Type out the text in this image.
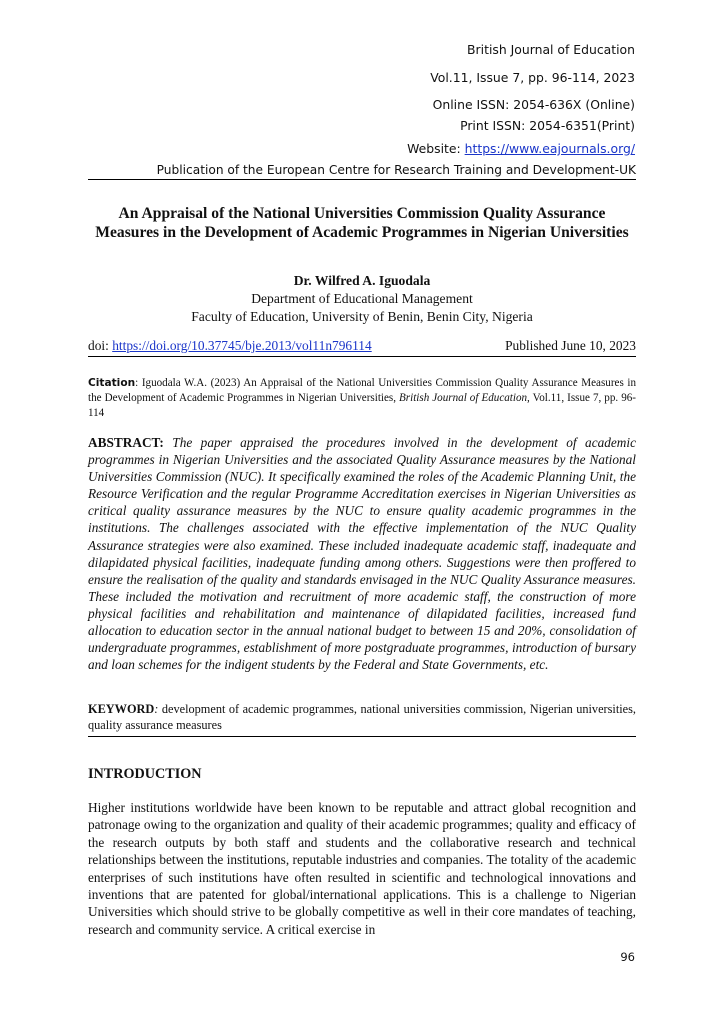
British Journal of Education
Vol.11, Issue 7, pp. 96-114, 2023
Online ISSN: 2054-636X (Online)
Print ISSN: 2054-6351(Print)
Website: https://www.eajournals.org/
Publication of the European Centre for Research Training and Development-UK
An Appraisal of the National Universities Commission Quality Assurance Measures in the Development of Academic Programmes in Nigerian Universities
Dr. Wilfred A. Iguodala
Department of Educational Management
Faculty of Education, University of Benin, Benin City, Nigeria
doi: https://doi.org/10.37745/bje.2013/vol11n796114	Published June 10, 2023
Citation: Iguodala W.A. (2023) An Appraisal of the National Universities Commission Quality Assurance Measures in the Development of Academic Programmes in Nigerian Universities, British Journal of Education, Vol.11, Issue 7, pp. 96-114
ABSTRACT: The paper appraised the procedures involved in the development of academic programmes in Nigerian Universities and the associated Quality Assurance measures by the National Universities Commission (NUC). It specifically examined the roles of the Academic Planning Unit, the Resource Verification and the regular Programme Accreditation exercises in Nigerian Universities as critical quality assurance measures by the NUC to ensure quality academic programmes in the institutions. The challenges associated with the effective implementation of the NUC Quality Assurance strategies were also examined. These included inadequate academic staff, inadequate and dilapidated physical facilities, inadequate funding among others. Suggestions were then proffered to ensure the realisation of the quality and standards envisaged in the NUC Quality Assurance measures. These included the motivation and recruitment of more academic staff, the construction of more physical facilities and rehabilitation and maintenance of dilapidated facilities, increased fund allocation to education sector in the annual national budget to between 15 and 20%, consolidation of undergraduate programmes, establishment of more postgraduate programmes, introduction of bursary and loan schemes for the indigent students by the Federal and State Governments, etc.
KEYWORD: development of academic programmes, national universities commission, Nigerian universities, quality assurance measures
INTRODUCTION
Higher institutions worldwide have been known to be reputable and attract global recognition and patronage owing to the organization and quality of their academic programmes; quality and efficacy of the research outputs by both staff and students and the collaborative research and technical relationships between the institutions, reputable industries and companies. The totality of the academic enterprises of such institutions have often resulted in scientific and technological innovations and inventions that are patented for global/international applications. This is a challenge to Nigerian Universities which should strive to be globally competitive as well in their core mandates of teaching, research and community service. A critical exercise in
96
